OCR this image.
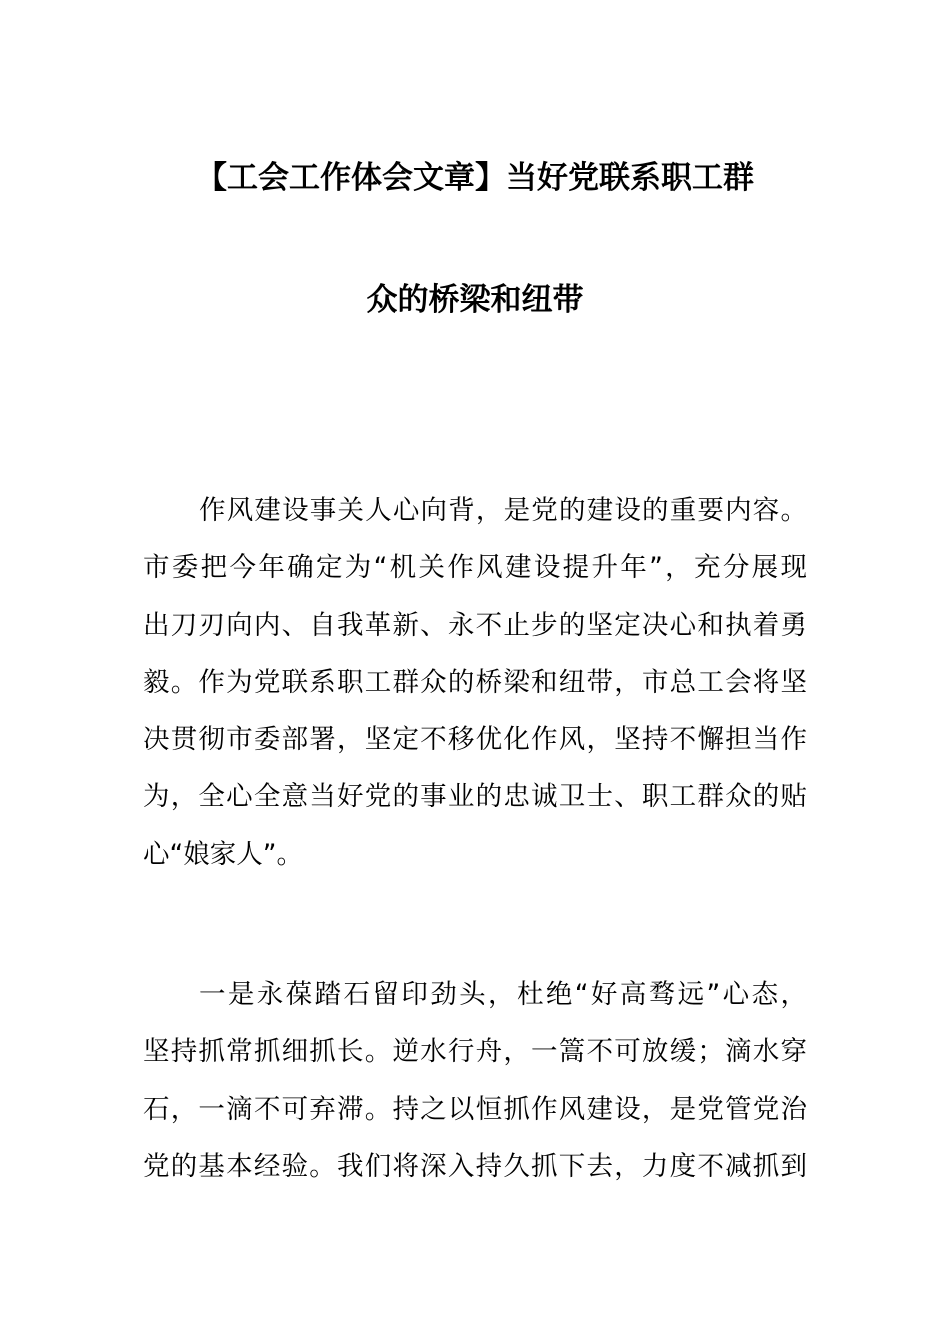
【工会工作体会文章】当好党联系职工群
众的桥梁和纽带
作风建设事关人心向背，是党的建设的重要内容。
市委把今年确定为“机关作风建设提升年”，充分展现
出刀刃向内、自我革新、永不止步的坚定决心和执着勇
毅。作为党联系职工群众的桥梁和纽带，市总工会将坚
决贯彻市委部署，坚定不移优化作风，坚持不懈担当作
为，全心全意当好党的事业的忠诚卫士、职工群众的贴
心“娘家人”。
一是永葆踏石留印劲头，杜绝“好高骛远”心态，
坚持抓常抓细抓长。逆水行舟，一篙不可放缓；滴水穿
石，一滴不可弃滞。持之以恒抓作风建设，是党管党治
党的基本经验。我们将深入持久抓下去，力度不减抓到
